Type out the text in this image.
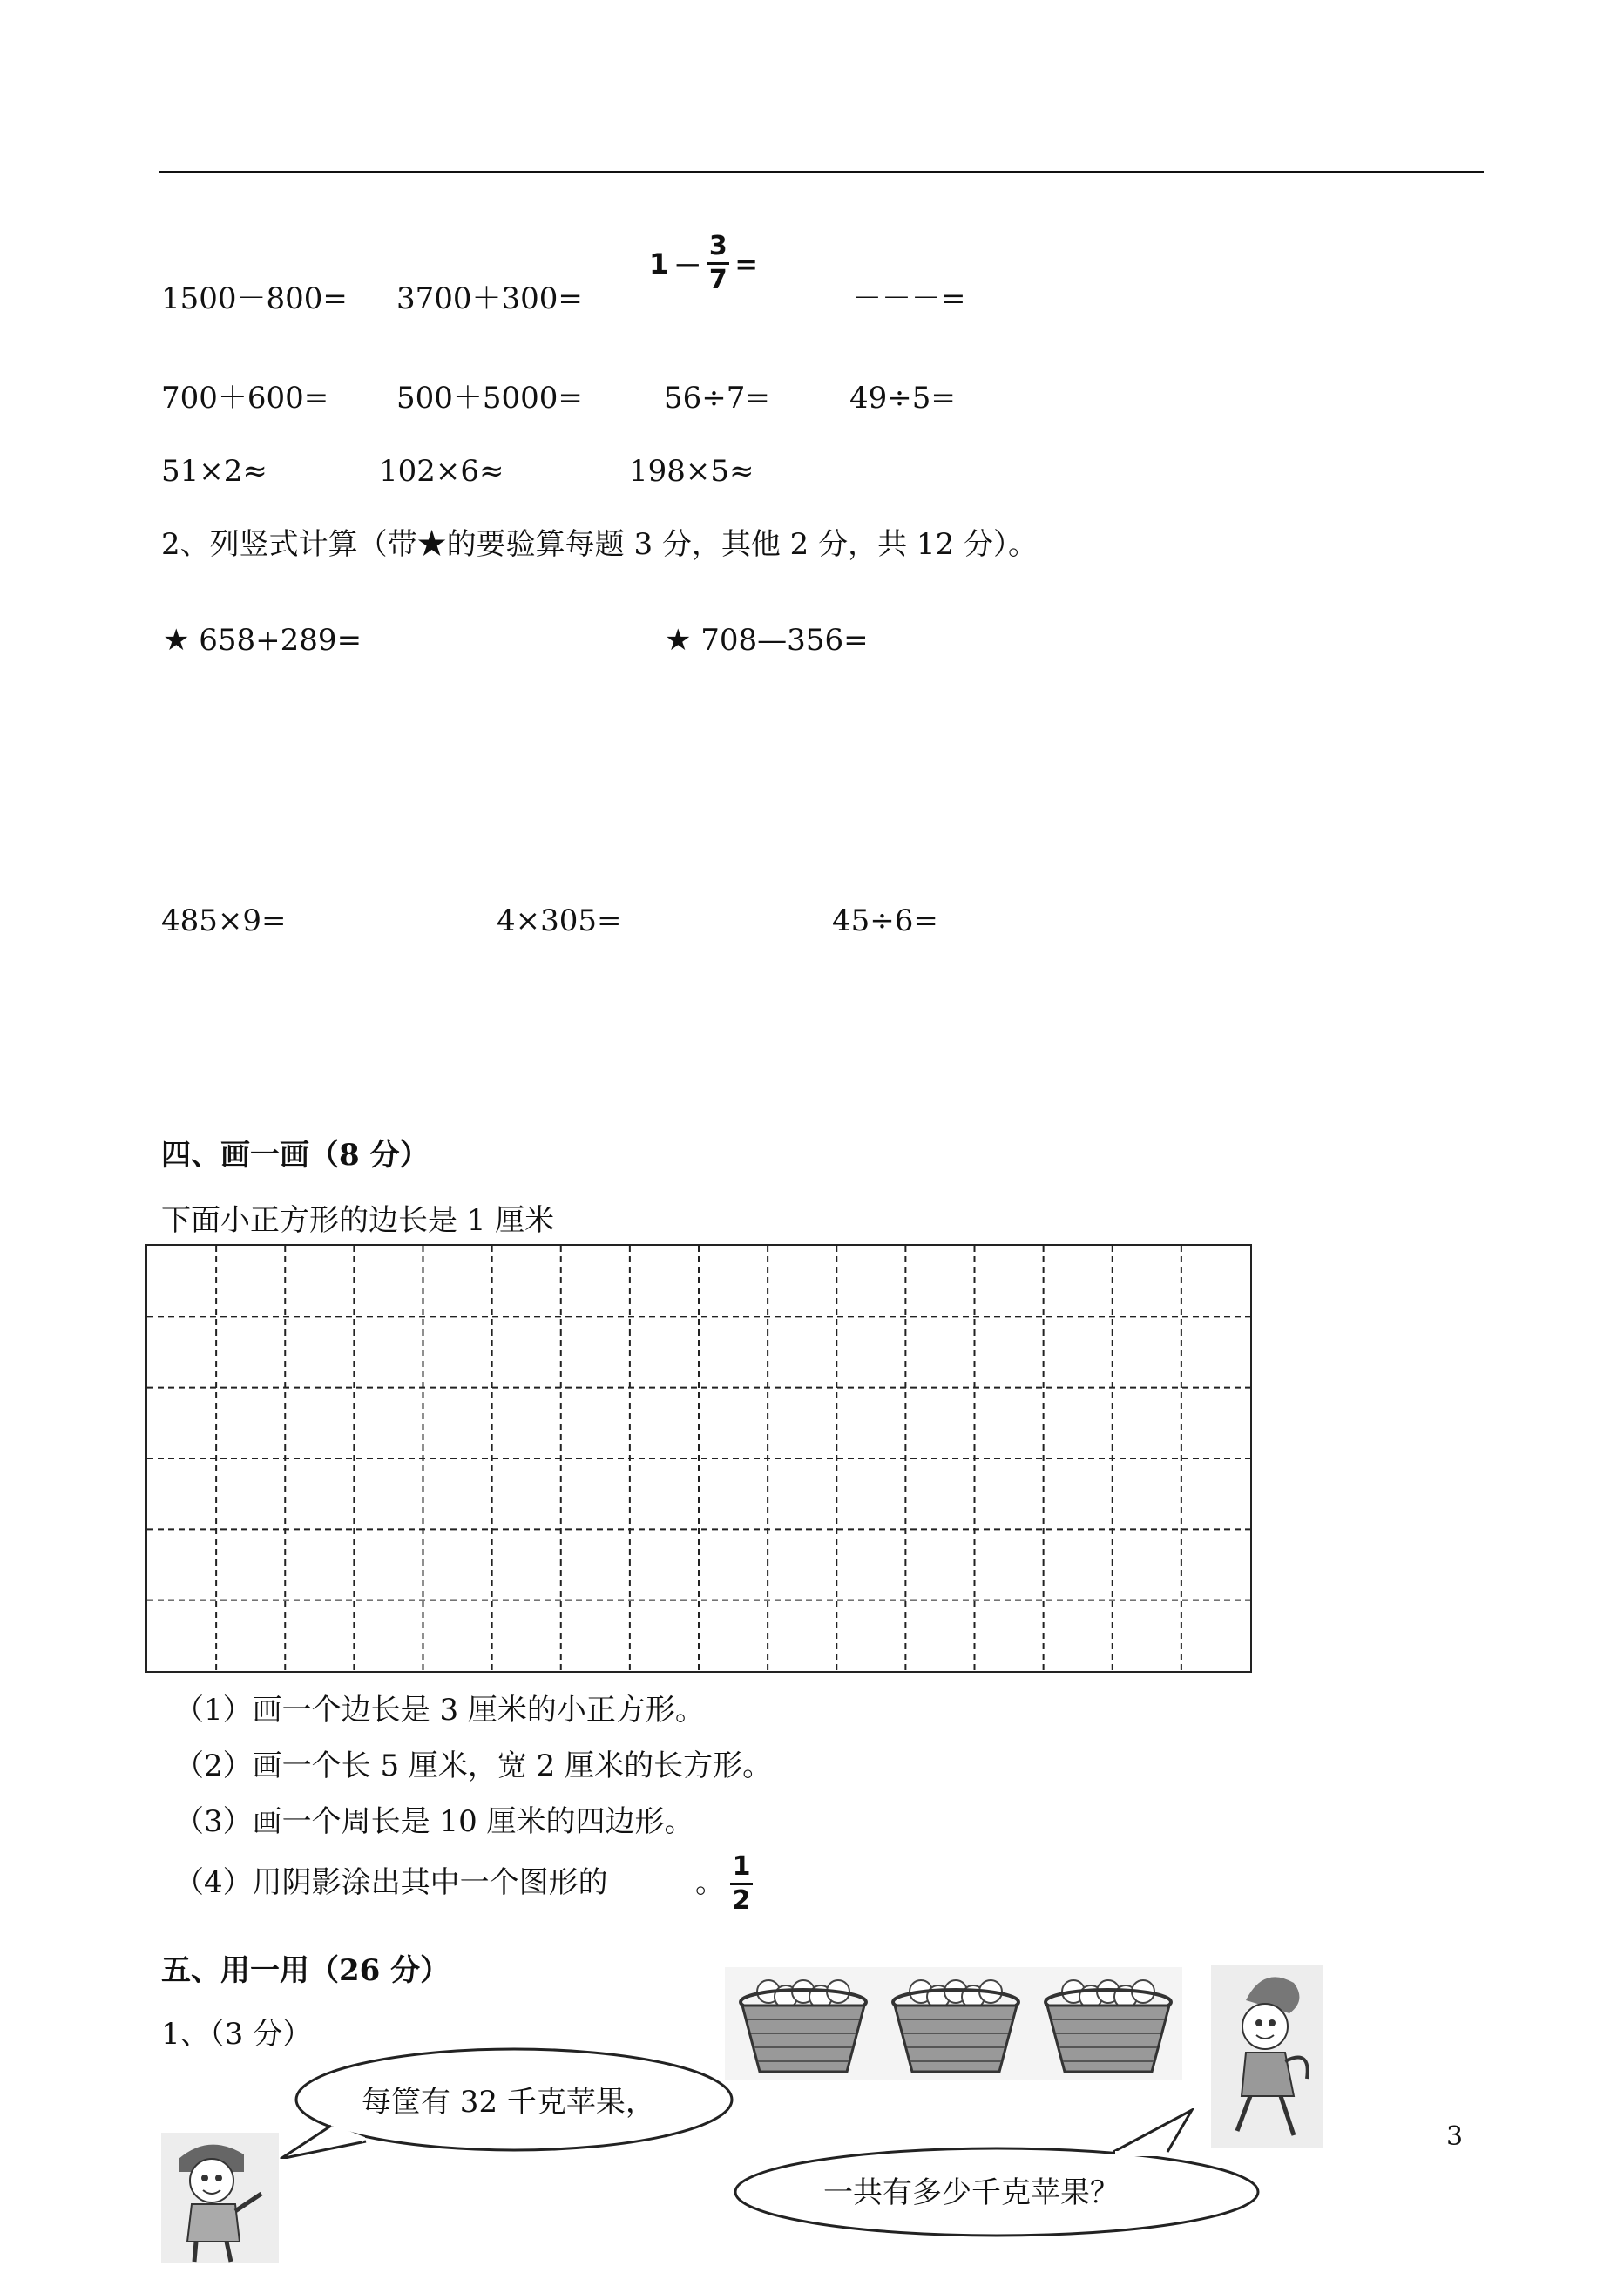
1500－800= 3700＋300=
$1 - \frac{3}{7}$ =
－－－=
700＋600= 500＋5000=	56÷7=	49÷5=
51×2≈	102×6≈	198×5≈
2、列竖式计算（带★的要验算每题 3 分，其他 2 分，共 12 分）。
★ 658+289=	★ 708—356=
485×9=	4×305=	45÷6=
四、画一画（8 分）
下面小正方形的边长是 1 厘米
（1）画一个边长是 3 厘米的小正方形。
（2）画一个长 5 厘米，宽 2 厘米的长方形。
（3）画一个周长是 10 厘米的四边形。
（4）用阴影涂出其中一个图形的	。 1
2
五、用一用（26 分）
1、（3 分）
每筐有 32 千克苹果，
一共有多少千克苹果？
3
